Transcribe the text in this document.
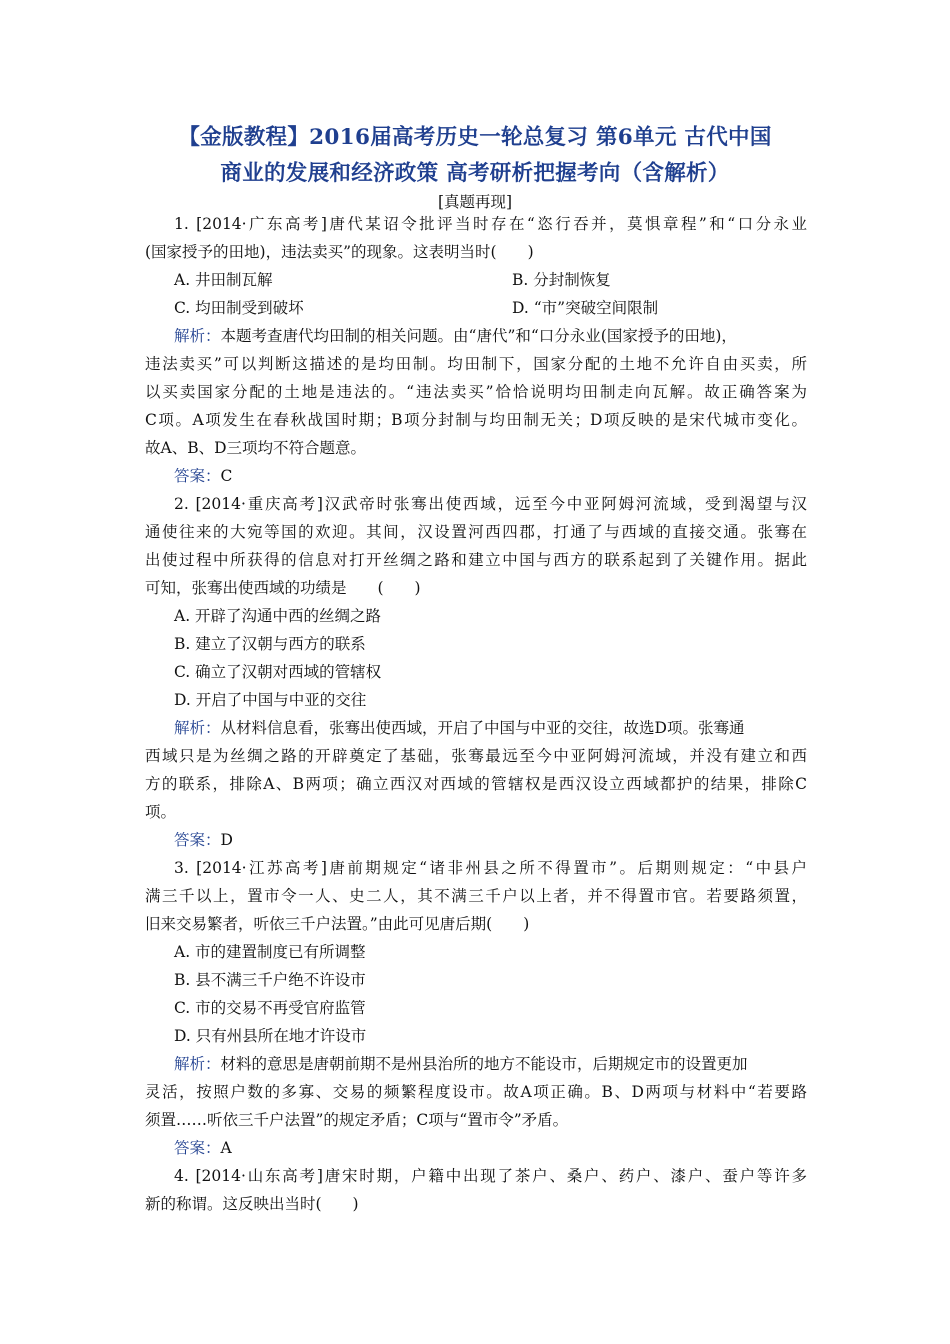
【金版教程】2016届高考历史一轮总复习 第6单元 古代中国
商业的发展和经济政策 高考研析把握考向（含解析）
[真题再现]
1. [2014·广东高考]唐代某诏令批评当时存在“恣行吞并，莫惧章程”和“口分永业
(国家授予的田地)，违法卖买”的现象。这表明当时(　　)
A. 井田制瓦解	B. 分封制恢复
C. 均田制受到破坏	D. “市”突破空间限制
解析：本题考查唐代均田制的相关问题。由“唐代”和“口分永业(国家授予的田地)，
违法卖买”可以判断这描述的是均田制。均田制下，国家分配的土地不允许自由买卖，所
以买卖国家分配的土地是违法的。“违法卖买”恰恰说明均田制走向瓦解。故正确答案为
C项。A项发生在春秋战国时期；B项分封制与均田制无关；D项反映的是宋代城市变化。
故A、B、D三项均不符合题意。
答案：C
2. [2014·重庆高考]汉武帝时张骞出使西域，远至今中亚阿姆河流域，受到渴望与汉
通使往来的大宛等国的欢迎。其间，汉设置河西四郡，打通了与西域的直接交通。张骞在
出使过程中所获得的信息对打开丝绸之路和建立中国与西方的联系起到了关键作用。据此
可知，张骞出使西域的功绩是　　(　　)
A. 开辟了沟通中西的丝绸之路
B. 建立了汉朝与西方的联系
C. 确立了汉朝对西域的管辖权
D. 开启了中国与中亚的交往
解析：从材料信息看，张骞出使西域，开启了中国与中亚的交往，故选D项。张骞通
西域只是为丝绸之路的开辟奠定了基础，张骞最远至今中亚阿姆河流域，并没有建立和西
方的联系，排除A、B两项；确立西汉对西域的管辖权是西汉设立西域都护的结果，排除C
项。
答案：D
3. [2014·江苏高考]唐前期规定“诸非州县之所不得置市”。后期则规定：“中县户
满三千以上，置市令一人、史二人，其不满三千户以上者，并不得置市官。若要路须置，
旧来交易繁者，听依三千户法置。”由此可见唐后期(　　)
A. 市的建置制度已有所调整
B. 县不满三千户绝不许设市
C. 市的交易不再受官府监管
D. 只有州县所在地才许设市
解析：材料的意思是唐朝前期不是州县治所的地方不能设市，后期规定市的设置更加
灵活，按照户数的多寡、交易的频繁程度设市。故A项正确。B、D两项与材料中“若要路
须置……听依三千户法置”的规定矛盾；C项与“置市令”矛盾。
答案：A
4. [2014·山东高考]唐宋时期，户籍中出现了茶户、桑户、药户、漆户、蚕户等许多
新的称谓。这反映出当时(　　)
